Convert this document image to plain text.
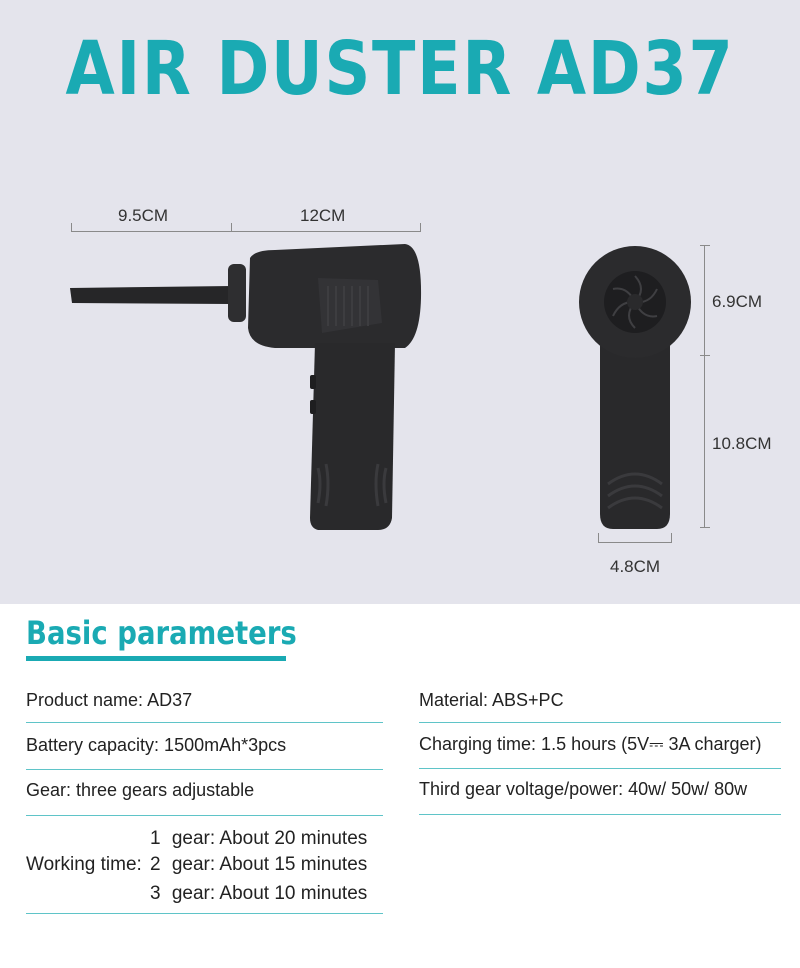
AIR DUSTER AD37
9.5CM	12CM
6.9CM
10.8CM
4.8CM
Basic parameters
Product name: AD37
Battery capacity: 1500mAh*3pcs
Gear: three gears adjustable
Working time:
1 gear: About 20 minutes
2 gear: About 15 minutes
3 gear: About 10 minutes
Material: ABS+PC
Charging time: 1.5 hours (5V⎓ 3A charger)
Third gear voltage/power: 40w/ 50w/ 80w
